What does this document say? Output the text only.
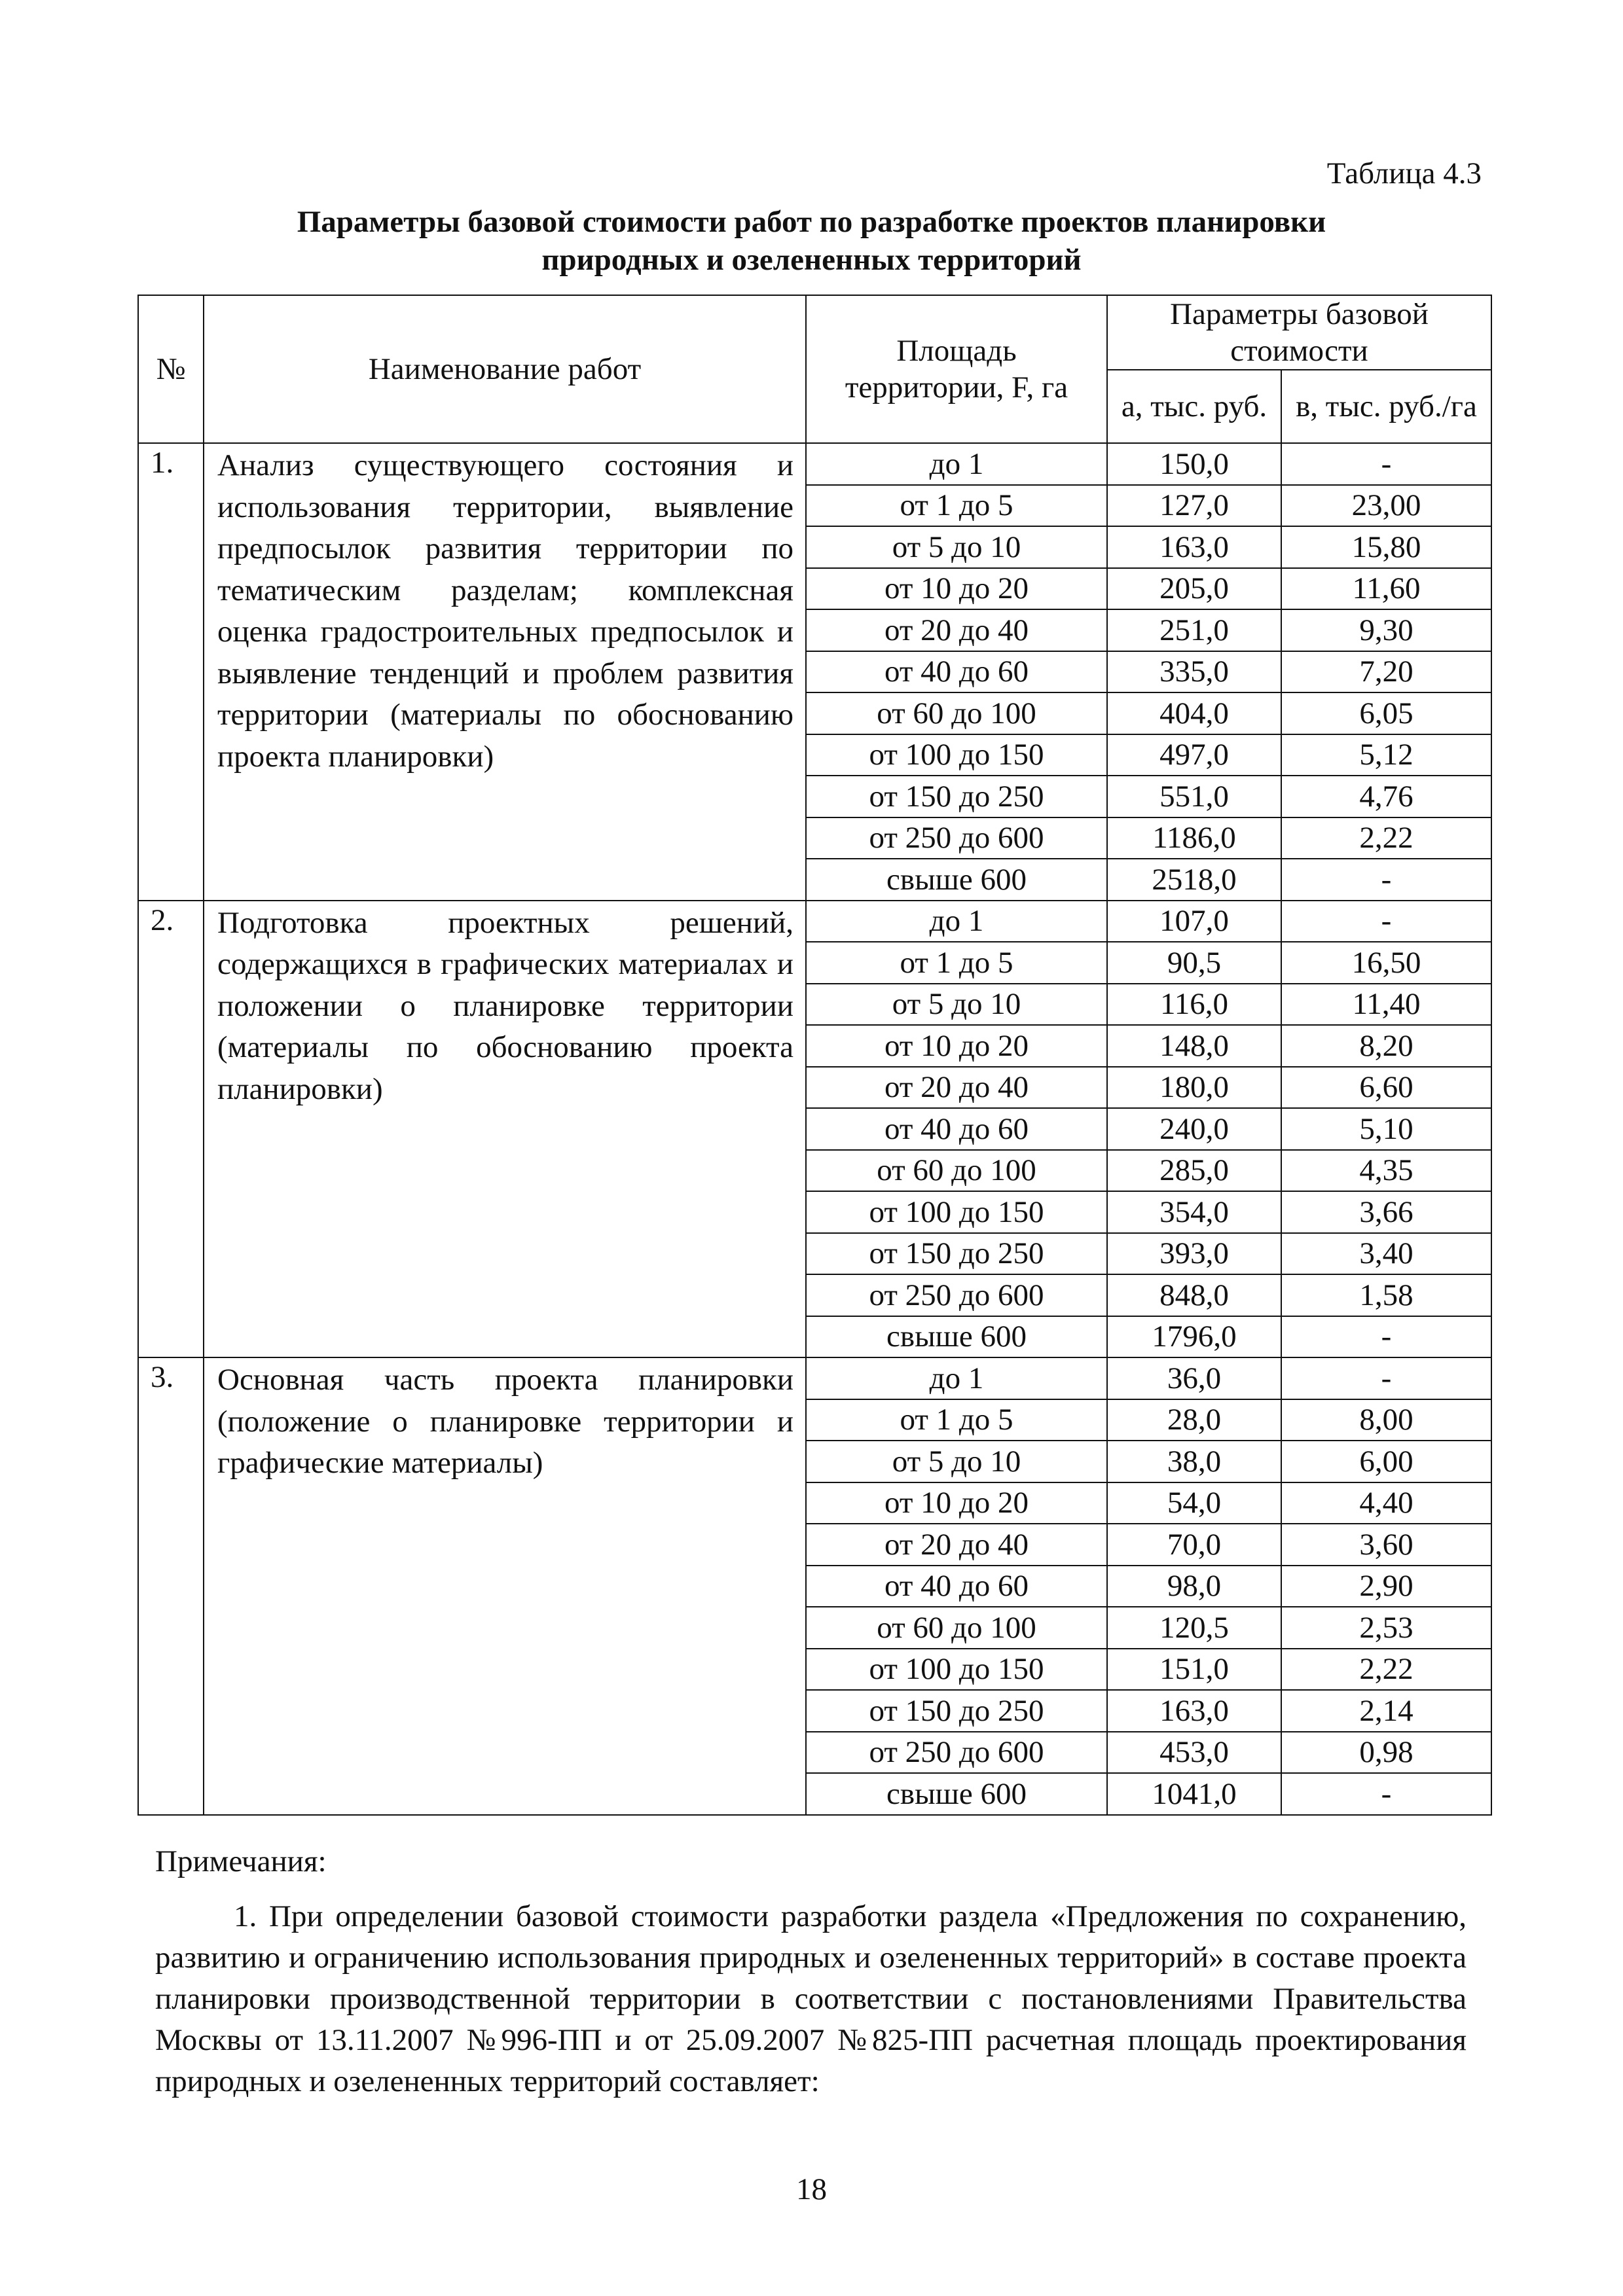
Таблица 4.3
Параметры базовой стоимости работ по разработке проектов планировки
природных и озелененных территорий
№	Наименование работ	Площадь территории, F, га	Параметры базовой стоимости	
			а, тыс. руб.	в, тыс. руб./га
1.	Анализ существующего состояния и использования территории, выявление предпосылок развития территории по тематическим разделам; комплексная оценка градостроительных предпосылок и выявление тенденций и проблем развития территории (материалы по обоснованию проекта планировки)	до 1	150,0	-
		от 1 до 5	127,0	23,00
		от 5 до 10	163,0	15,80
		от 10 до 20	205,0	11,60
		от 20 до 40	251,0	9,30
		от 40 до 60	335,0	7,20
		от 60 до 100	404,0	6,05
		от 100 до 150	497,0	5,12
		от 150 до 250	551,0	4,76
		от 250 до 600	1186,0	2,22
		свыше 600	2518,0	-
2.	Подготовка проектных решений, содержащихся в графических материалах и положении о планировке территории (материалы по обоснованию проекта планировки)	до 1	107,0	-
		от 1 до 5	90,5	16,50
		от 5 до 10	116,0	11,40
		от 10 до 20	148,0	8,20
		от 20 до 40	180,0	6,60
		от 40 до 60	240,0	5,10
		от 60 до 100	285,0	4,35
		от 100 до 150	354,0	3,66
		от 150 до 250	393,0	3,40
		от 250 до 600	848,0	1,58
		свыше 600	1796,0	-
3.	Основная часть проекта планировки (положение о планировке территории и графические материалы)	до 1	36,0	-
		от 1 до 5	28,0	8,00
		от 5 до 10	38,0	6,00
		от 10 до 20	54,0	4,40
		от 20 до 40	70,0	3,60
		от 40 до 60	98,0	2,90
		от 60 до 100	120,5	2,53
		от 100 до 150	151,0	2,22
		от 150 до 250	163,0	2,14
		от 250 до 600	453,0	0,98
		свыше 600	1041,0	-
Примечания:
1. При определении базовой стоимости разработки раздела «Предложения по сохранению, развитию и ограничению использования природных и озелененных территорий» в составе проекта планировки производственной территории в соответствии с постановлениями Правительства Москвы от 13.11.2007 №996-ПП и от 25.09.2007 №825-ПП расчетная площадь проектирования природных и озелененных территорий составляет:
18
